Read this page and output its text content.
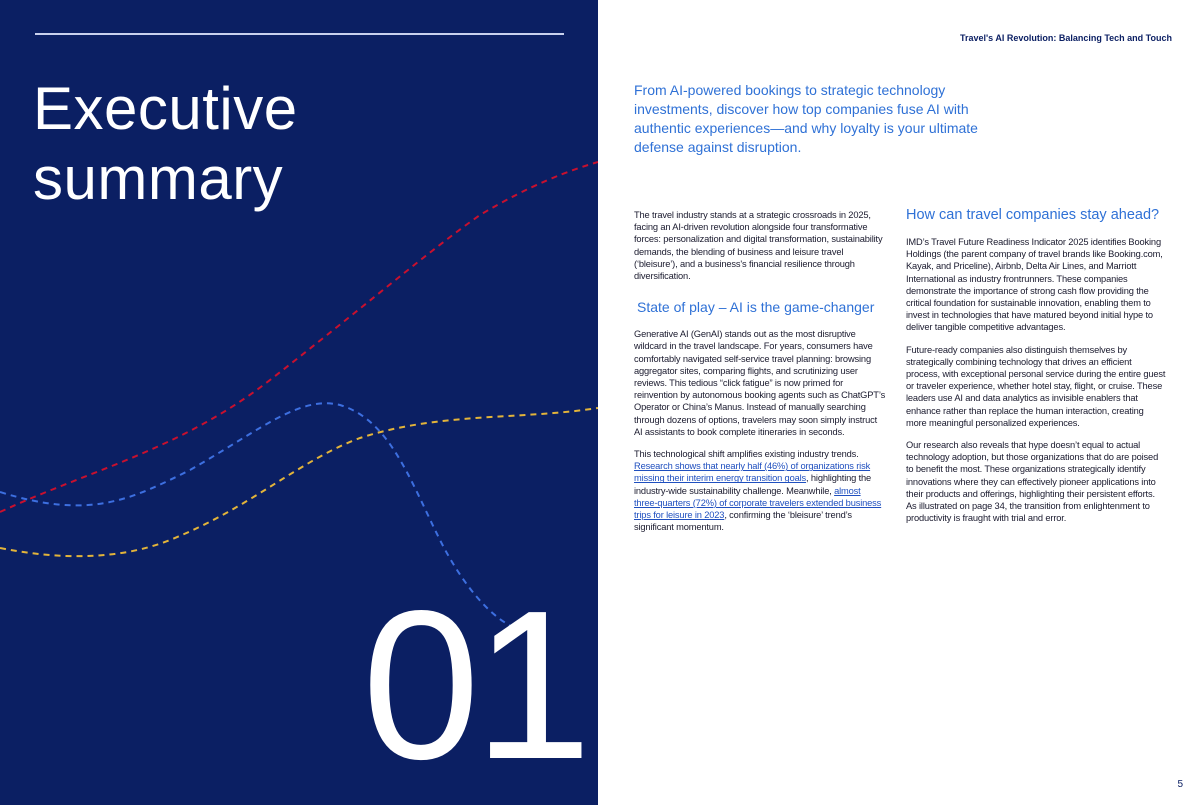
Executive
summary
01
Travel's AI Revolution: Balancing Tech and Touch

From AI-powered bookings to strategic technology investments, discover how top companies fuse AI with authentic experiences—and why loyalty is your ultimate defense against disruption.

The travel industry stands at a strategic crossroads in 2025, facing an AI-driven revolution alongside four transformative forces: personalization and digital transformation, sustainability demands, the blending of business and leisure travel (‘bleisure’), and a business's financial resilience through diversification.

State of play – AI is the game-changer

Generative AI (GenAI) stands out as the most disruptive wildcard in the travel landscape. For years, consumers have comfortably navigated self-service travel planning: browsing aggregator sites, comparing flights, and scrutinizing user reviews. This tedious “click fatigue” is now primed for reinvention by autonomous booking agents such as ChatGPT’s Operator or China’s Manus. Instead of manually searching through dozens of options, travelers may soon simply instruct AI assistants to book complete itineraries in seconds.

This technological shift amplifies existing industry trends. Research shows that nearly half (46%) of organizations risk missing their interim energy transition goals, highlighting the industry-wide sustainability challenge. Meanwhile, almost three-quarters (72%) of corporate travelers extended business trips for leisure in 2023, confirming the ‘bleisure’ trend’s significant momentum.

How can travel companies stay ahead?

IMD’s Travel Future Readiness Indicator 2025 identifies Booking Holdings (the parent company of travel brands like Booking.com, Kayak, and Priceline), Airbnb, Delta Air Lines, and Marriott International as industry frontrunners. These companies demonstrate the importance of strong cash flow providing the critical foundation for sustainable innovation, enabling them to invest in technologies that have matured beyond initial hype to deliver tangible competitive advantages.

Future-ready companies also distinguish themselves by strategically combining technology that drives an efficient process, with exceptional personal service during the entire guest or traveler experience, whether hotel stay, flight, or cruise. These leaders use AI and data analytics as invisible enablers that enhance rather than replace the human interaction, creating more meaningful personalized experiences.

Our research also reveals that hype doesn’t equal to actual technology adoption, but those organizations that do are poised to benefit the most. These organizations strategically identify innovations where they can effectively pioneer applications into their products and offerings, highlighting their persistent efforts. As illustrated on page 34, the transition from enlightenment to productivity is fraught with trial and error.

5
